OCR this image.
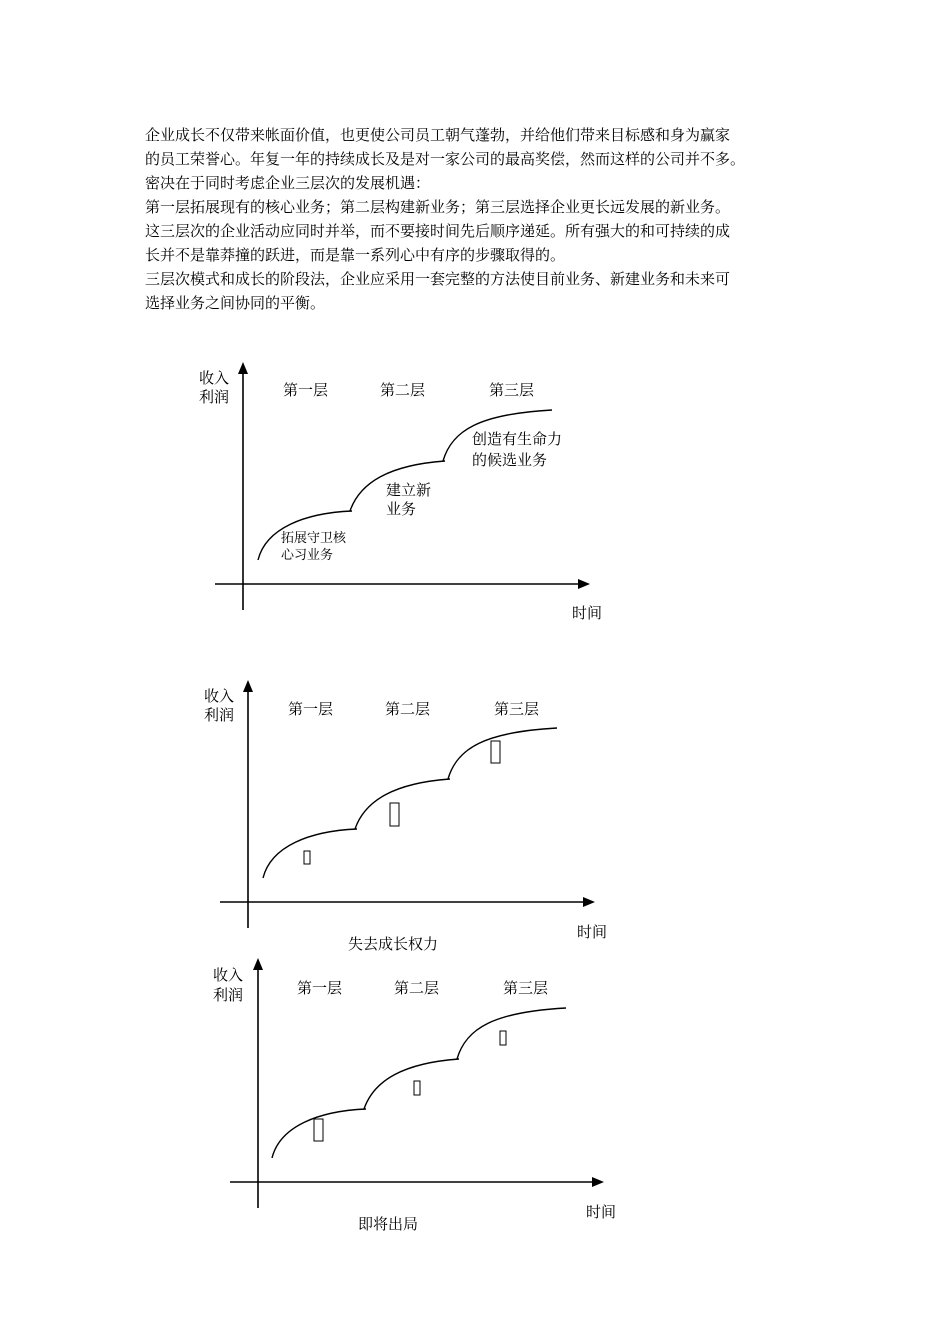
企业成长不仅带来帐面价值，也更使公司员工朝气蓬勃，并给他们带来目标感和身为赢家

的员工荣誉心。年复一年的持续成长及是对一家公司的最高奖偿，然而这样的公司并不多。

密决在于同时考虑企业三层次的发展机遇：

第一层拓展现有的核心业务；第二层构建新业务；第三层选择企业更长远发展的新业务。

这三层次的企业活动应同时并举，而不要接时间先后顺序递延。所有强大的和可持续的成

长并不是靠莽撞的跃进，而是靠一系列心中有序的步骤取得的。

三层次模式和成长的阶段法，企业应采用一套完整的方法使目前业务、新建业务和未来可

选择业务之间协同的平衡。

收入
利润
时间
第一层	第二层	第三层
拓展守卫核
心习业务
建立新
业务
创造有生命力
的候选业务
收入
利润
时间
第一层	第二层	第三层
失去成长权力
收入
利润
时间
第一层	第二层	第三层
即将出局
